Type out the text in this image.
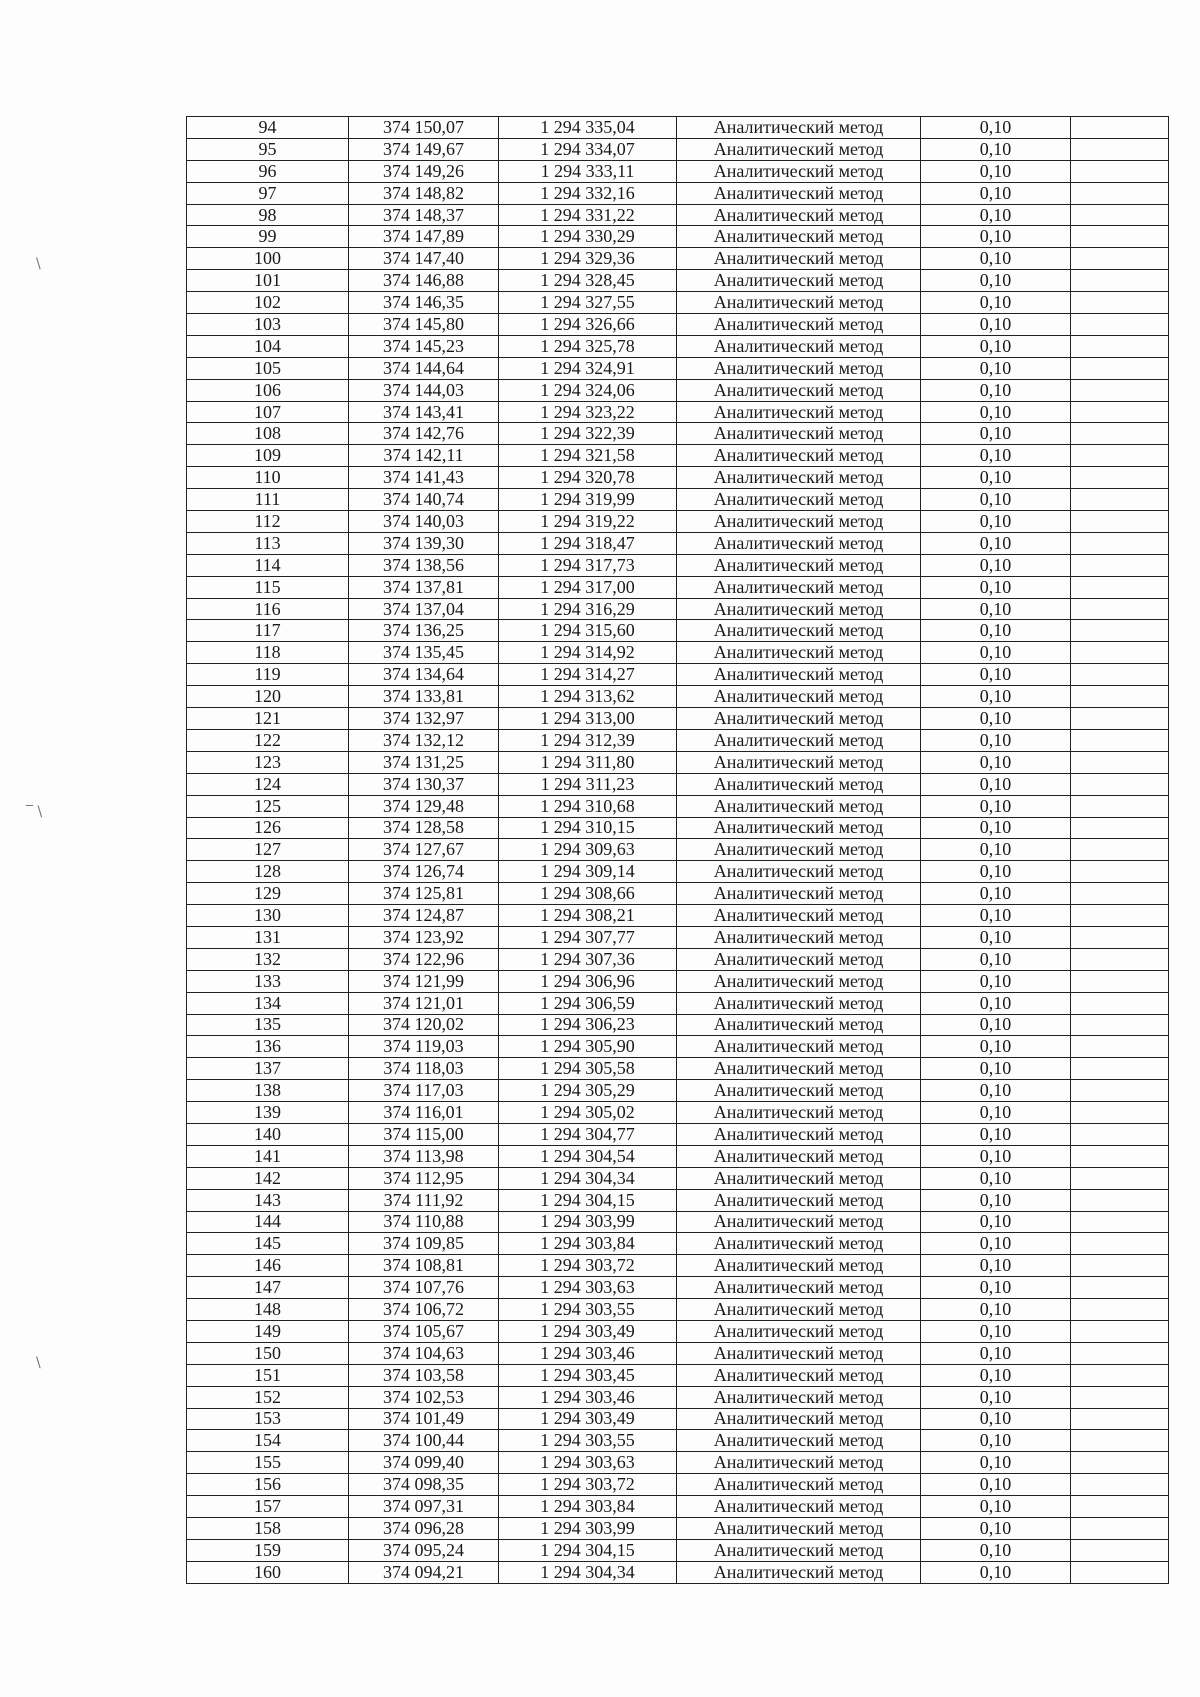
\
‾ \
\
94	374 150,07	1 294 335,04	Аналитический метод	0,10	
95	374 149,67	1 294 334,07	Аналитический метод	0,10	
96	374 149,26	1 294 333,11	Аналитический метод	0,10	
97	374 148,82	1 294 332,16	Аналитический метод	0,10	
98	374 148,37	1 294 331,22	Аналитический метод	0,10	
99	374 147,89	1 294 330,29	Аналитический метод	0,10	
100	374 147,40	1 294 329,36	Аналитический метод	0,10	
101	374 146,88	1 294 328,45	Аналитический метод	0,10	
102	374 146,35	1 294 327,55	Аналитический метод	0,10	
103	374 145,80	1 294 326,66	Аналитический метод	0,10	
104	374 145,23	1 294 325,78	Аналитический метод	0,10	
105	374 144,64	1 294 324,91	Аналитический метод	0,10	
106	374 144,03	1 294 324,06	Аналитический метод	0,10	
107	374 143,41	1 294 323,22	Аналитический метод	0,10	
108	374 142,76	1 294 322,39	Аналитический метод	0,10	
109	374 142,11	1 294 321,58	Аналитический метод	0,10	
110	374 141,43	1 294 320,78	Аналитический метод	0,10	
111	374 140,74	1 294 319,99	Аналитический метод	0,10	
112	374 140,03	1 294 319,22	Аналитический метод	0,10	
113	374 139,30	1 294 318,47	Аналитический метод	0,10	
114	374 138,56	1 294 317,73	Аналитический метод	0,10	
115	374 137,81	1 294 317,00	Аналитический метод	0,10	
116	374 137,04	1 294 316,29	Аналитический метод	0,10	
117	374 136,25	1 294 315,60	Аналитический метод	0,10	
118	374 135,45	1 294 314,92	Аналитический метод	0,10	
119	374 134,64	1 294 314,27	Аналитический метод	0,10	
120	374 133,81	1 294 313,62	Аналитический метод	0,10	
121	374 132,97	1 294 313,00	Аналитический метод	0,10	
122	374 132,12	1 294 312,39	Аналитический метод	0,10	
123	374 131,25	1 294 311,80	Аналитический метод	0,10	
124	374 130,37	1 294 311,23	Аналитический метод	0,10	
125	374 129,48	1 294 310,68	Аналитический метод	0,10	
126	374 128,58	1 294 310,15	Аналитический метод	0,10	
127	374 127,67	1 294 309,63	Аналитический метод	0,10	
128	374 126,74	1 294 309,14	Аналитический метод	0,10	
129	374 125,81	1 294 308,66	Аналитический метод	0,10	
130	374 124,87	1 294 308,21	Аналитический метод	0,10	
131	374 123,92	1 294 307,77	Аналитический метод	0,10	
132	374 122,96	1 294 307,36	Аналитический метод	0,10	
133	374 121,99	1 294 306,96	Аналитический метод	0,10	
134	374 121,01	1 294 306,59	Аналитический метод	0,10	
135	374 120,02	1 294 306,23	Аналитический метод	0,10	
136	374 119,03	1 294 305,90	Аналитический метод	0,10	
137	374 118,03	1 294 305,58	Аналитический метод	0,10	
138	374 117,03	1 294 305,29	Аналитический метод	0,10	
139	374 116,01	1 294 305,02	Аналитический метод	0,10	
140	374 115,00	1 294 304,77	Аналитический метод	0,10	
141	374 113,98	1 294 304,54	Аналитический метод	0,10	
142	374 112,95	1 294 304,34	Аналитический метод	0,10	
143	374 111,92	1 294 304,15	Аналитический метод	0,10	
144	374 110,88	1 294 303,99	Аналитический метод	0,10	
145	374 109,85	1 294 303,84	Аналитический метод	0,10	
146	374 108,81	1 294 303,72	Аналитический метод	0,10	
147	374 107,76	1 294 303,63	Аналитический метод	0,10	
148	374 106,72	1 294 303,55	Аналитический метод	0,10	
149	374 105,67	1 294 303,49	Аналитический метод	0,10	
150	374 104,63	1 294 303,46	Аналитический метод	0,10	
151	374 103,58	1 294 303,45	Аналитический метод	0,10	
152	374 102,53	1 294 303,46	Аналитический метод	0,10	
153	374 101,49	1 294 303,49	Аналитический метод	0,10	
154	374 100,44	1 294 303,55	Аналитический метод	0,10	
155	374 099,40	1 294 303,63	Аналитический метод	0,10	
156	374 098,35	1 294 303,72	Аналитический метод	0,10	
157	374 097,31	1 294 303,84	Аналитический метод	0,10	
158	374 096,28	1 294 303,99	Аналитический метод	0,10	
159	374 095,24	1 294 304,15	Аналитический метод	0,10	
160	374 094,21	1 294 304,34	Аналитический метод	0,10	
